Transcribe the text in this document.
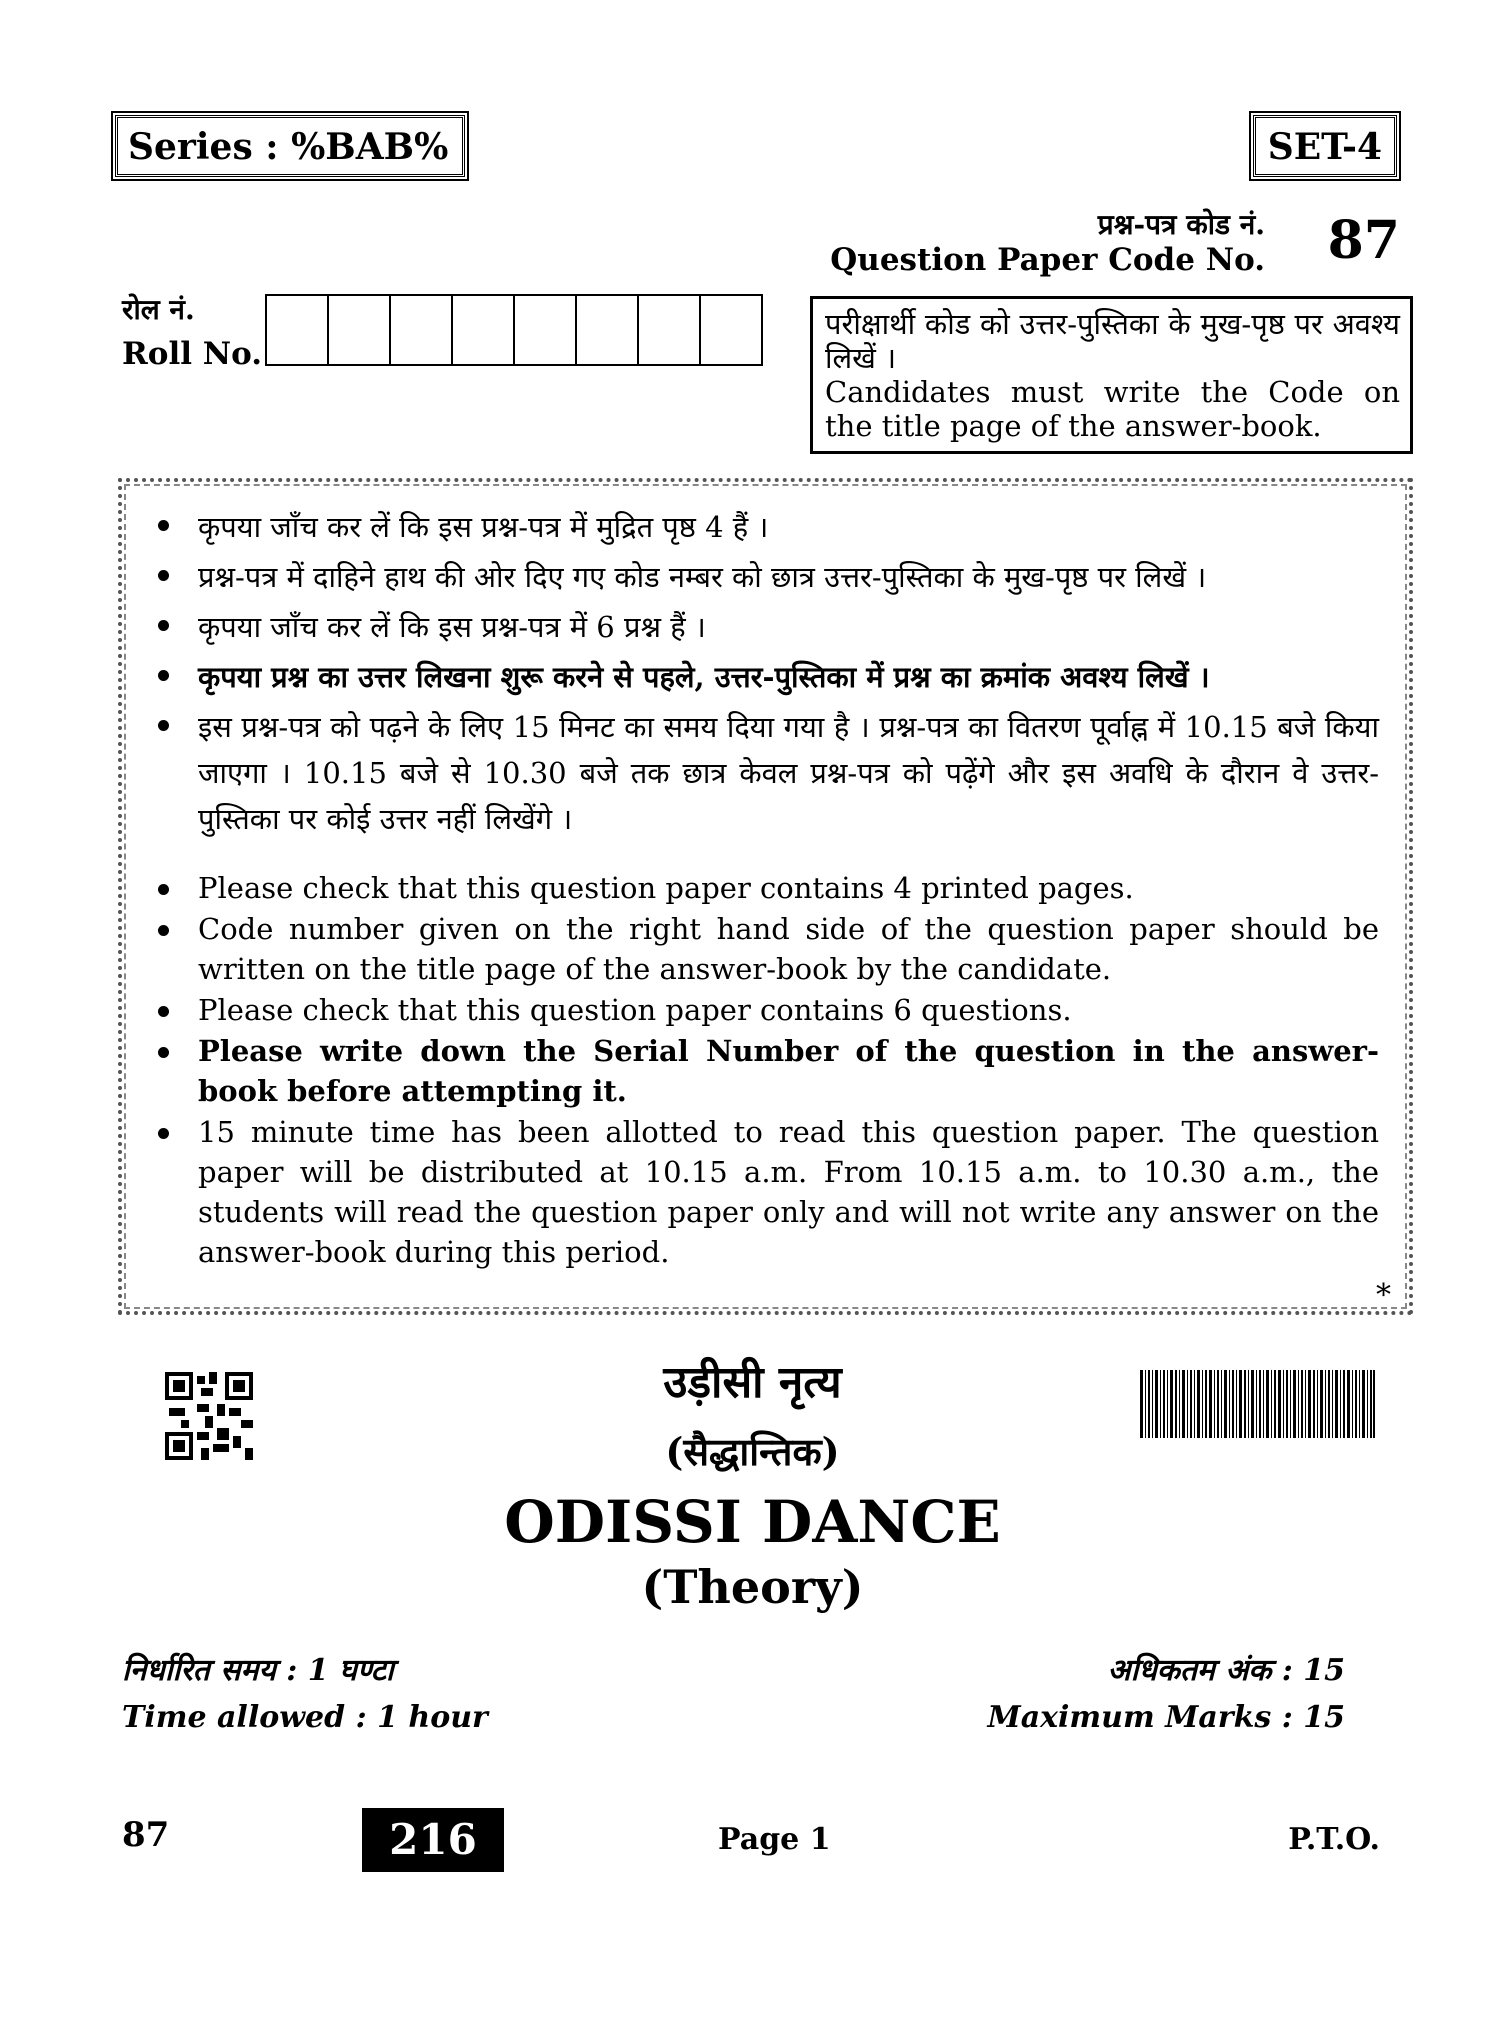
Series : %BAB%	SET-4
प्रश्न-पत्र कोड नं.
Question Paper Code No. 87
रोल नं.
Roll No.
परीक्षार्थी कोड को उत्तर-पुस्तिका के मुख-पृष्ठ पर अवश्य लिखें ।
Candidates must write the Code on the title page of the answer-book.
कृपया जाँच कर लें कि इस प्रश्न-पत्र में मुद्रित पृष्ठ 4 हैं ।
प्रश्न-पत्र में दाहिने हाथ की ओर दिए गए कोड नम्बर को छात्र उत्तर-पुस्तिका के मुख-पृष्ठ पर लिखें ।
कृपया जाँच कर लें कि इस प्रश्न-पत्र में 6 प्रश्न हैं ।
कृपया प्रश्न का उत्तर लिखना शुरू करने से पहले, उत्तर-पुस्तिका में प्रश्न का क्रमांक अवश्य लिखें ।
इस प्रश्न-पत्र को पढ़ने के लिए 15 मिनट का समय दिया गया है । प्रश्न-पत्र का वितरण पूर्वाह्न में 10.15 बजे किया जाएगा । 10.15 बजे से 10.30 बजे तक छात्र केवल प्रश्न-पत्र को पढ़ेंगे और इस अवधि के दौरान वे उत्तर-पुस्तिका पर कोई उत्तर नहीं लिखेंगे ।
Please check that this question paper contains 4 printed pages.
Code number given on the right hand side of the question paper should be written on the title page of the answer-book by the candidate.
Please check that this question paper contains 6 questions.
Please write down the Serial Number of the question in the answer-book before attempting it.
15 minute time has been allotted to read this question paper. The question paper will be distributed at 10.15 a.m. From 10.15 a.m. to 10.30 a.m., the students will read the question paper only and will not write any answer on the answer-book during this period.
*
उड़ीसी नृत्य
(सैद्धान्तिक)
ODISSI DANCE
(Theory)
निर्धारित समय : 1 घण्टा
Time allowed : 1 hour
अधिकतम अंक : 15
Maximum Marks : 15
87	216	Page 1	P.T.O.
